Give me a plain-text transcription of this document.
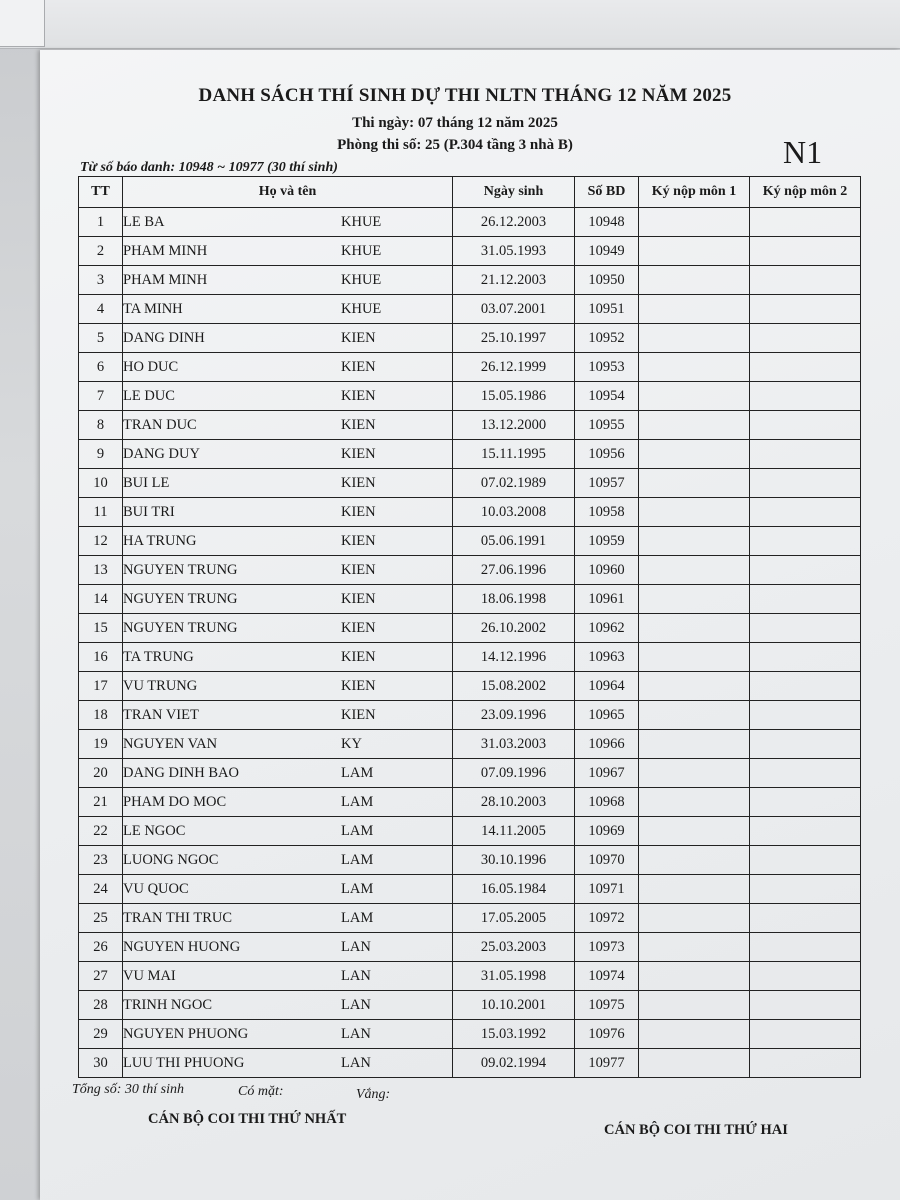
DANH SÁCH THÍ SINH DỰ THI NLTN THÁNG 12 NĂM 2025
Thi ngày: 07 tháng 12 năm 2025
Phòng thi số: 25 (P.304 tầng 3 nhà B)	N1
Từ số báo danh: 10948 ~ 10977 (30 thí sinh)
TT	Họ và tên	Ngày sinh	Số BD	Ký nộp môn 1	Ký nộp môn 2
1	LE BA KHUE	26.12.2003	10948		
2	PHAM MINH KHUE	31.05.1993	10949		
3	PHAM MINH KHUE	21.12.2003	10950		
4	TA MINH KHUE	03.07.2001	10951		
5	DANG DINH KIEN	25.10.1997	10952		
6	HO DUC KIEN	26.12.1999	10953		
7	LE DUC KIEN	15.05.1986	10954		
8	TRAN DUC KIEN	13.12.2000	10955		
9	DANG DUY KIEN	15.11.1995	10956		
10	BUI LE KIEN	07.02.1989	10957		
11	BUI TRI KIEN	10.03.2008	10958		
12	HA TRUNG KIEN	05.06.1991	10959		
13	NGUYEN TRUNG KIEN	27.06.1996	10960		
14	NGUYEN TRUNG KIEN	18.06.1998	10961		
15	NGUYEN TRUNG KIEN	26.10.2002	10962		
16	TA TRUNG KIEN	14.12.1996	10963		
17	VU TRUNG KIEN	15.08.2002	10964		
18	TRAN VIET KIEN	23.09.1996	10965		
19	NGUYEN VAN KY	31.03.2003	10966		
20	DANG DINH BAO LAM	07.09.1996	10967		
21	PHAM DO MOC LAM	28.10.2003	10968		
22	LE NGOC LAM	14.11.2005	10969		
23	LUONG NGOC LAM	30.10.1996	10970		
24	VU QUOC LAM	16.05.1984	10971		
25	TRAN THI TRUC LAM	17.05.2005	10972		
26	NGUYEN HUONG LAN	25.03.2003	10973		
27	VU MAI LAN	31.05.1998	10974		
28	TRINH NGOC LAN	10.10.2001	10975		
29	NGUYEN PHUONG LAN	15.03.1992	10976		
30	LUU THI PHUONG LAN	09.02.1994	10977		
Tổng số: 30 thí sinh	Có mặt:	Vắng:
CÁN BỘ COI THI THỨ NHẤT
CÁN BỘ COI THI THỨ HAI
